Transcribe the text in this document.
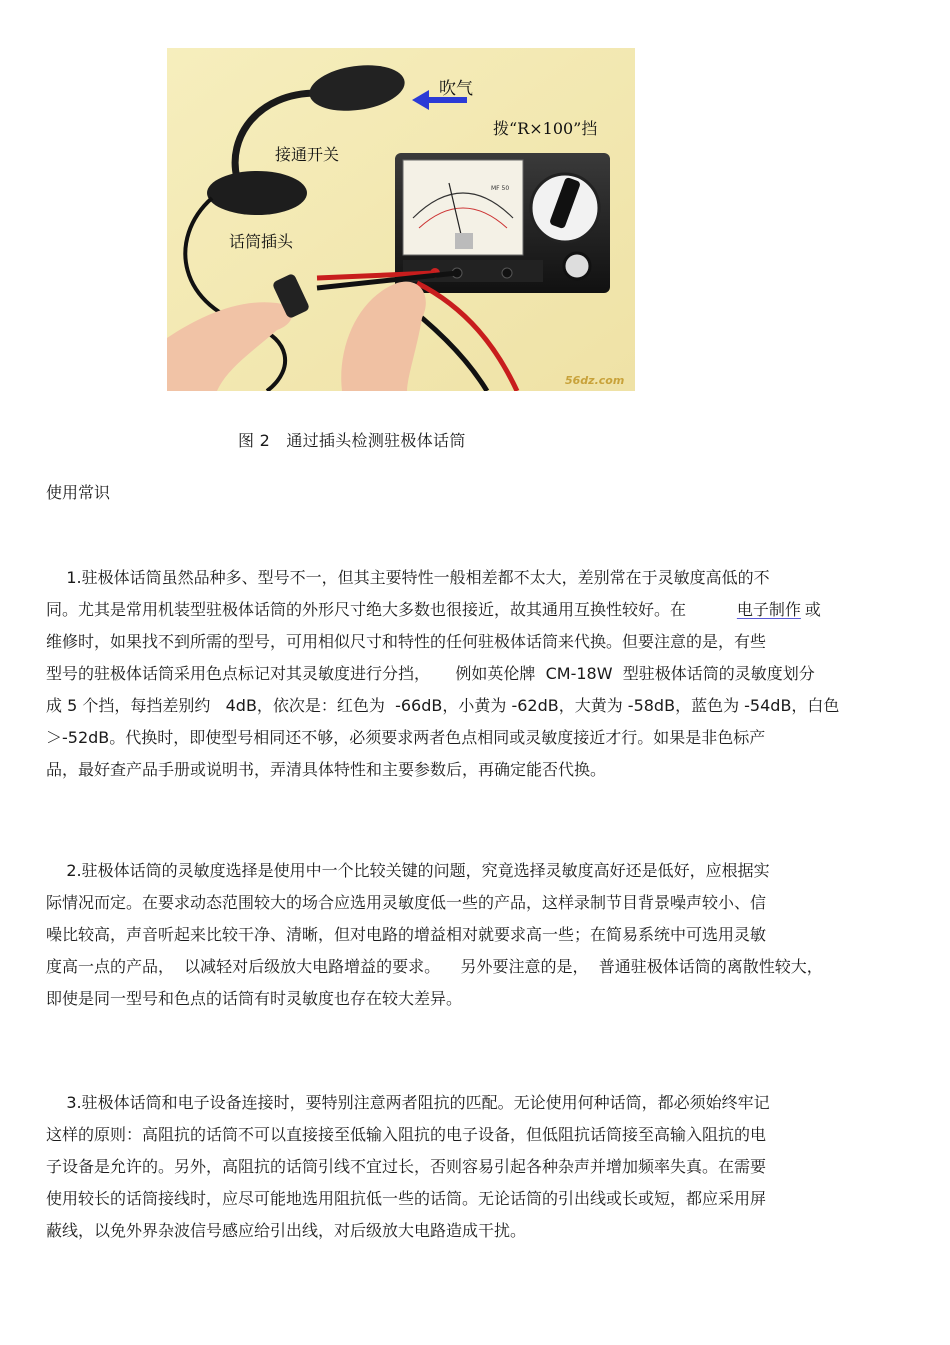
吹气
拨“R×100”挡
接通开关
话筒插头
MF 50
56dz.com
图 2   通过插头检测驻极体话筒
使用常识
1.驻极体话筒虽然品种多、型号不一，但其主要特性一般相差都不太大，差别常在于灵敏度高低的不
同。尤其是常用机装型驻极体话筒的外形尺寸绝大多数也很接近，故其通用互换性较好。在          电子制作 或
维修时，如果找不到所需的型号，可用相似尺寸和特性的任何驻极体话筒来代换。但要注意的是，有些
型号的驻极体话筒采用色点标记对其灵敏度进行分挡，     例如英伦牌  CM-18W  型驻极体话筒的灵敏度划分
成 5 个挡，每挡差别约   4dB，依次是：红色为  -66dB，小黄为 -62dB，大黄为 -58dB，蓝色为 -54dB，白色
＞-52dB。代换时，即使型号相同还不够，必须要求两者色点相同或灵敏度接近才行。如果是非色标产
品，最好查产品手册或说明书，弄清具体特性和主要参数后，再确定能否代换。
2.驻极体话筒的灵敏度选择是使用中一个比较关键的问题，究竟选择灵敏度高好还是低好，应根据实
际情况而定。在要求动态范围较大的场合应选用灵敏度低一些的产品，这样录制节目背景噪声较小、信
噪比较高，声音听起来比较干净、清晰，但对电路的增益相对就要求高一些；在简易系统中可选用灵敏
度高一点的产品，  以减轻对后级放大电路增益的要求。    另外要注意的是，  普通驻极体话筒的离散性较大，
即使是同一型号和色点的话筒有时灵敏度也存在较大差异。
3.驻极体话筒和电子设备连接时，要特别注意两者阻抗的匹配。无论使用何种话筒，都必须始终牢记
这样的原则：高阻抗的话筒不可以直接接至低输入阻抗的电子设备，但低阻抗话筒接至高输入阻抗的电
子设备是允许的。另外，高阻抗的话筒引线不宜过长，否则容易引起各种杂声并增加频率失真。在需要
使用较长的话筒接线时，应尽可能地选用阻抗低一些的话筒。无论话筒的引出线或长或短，都应采用屏
蔽线，以免外界杂波信号感应给引出线，对后级放大电路造成干扰。
